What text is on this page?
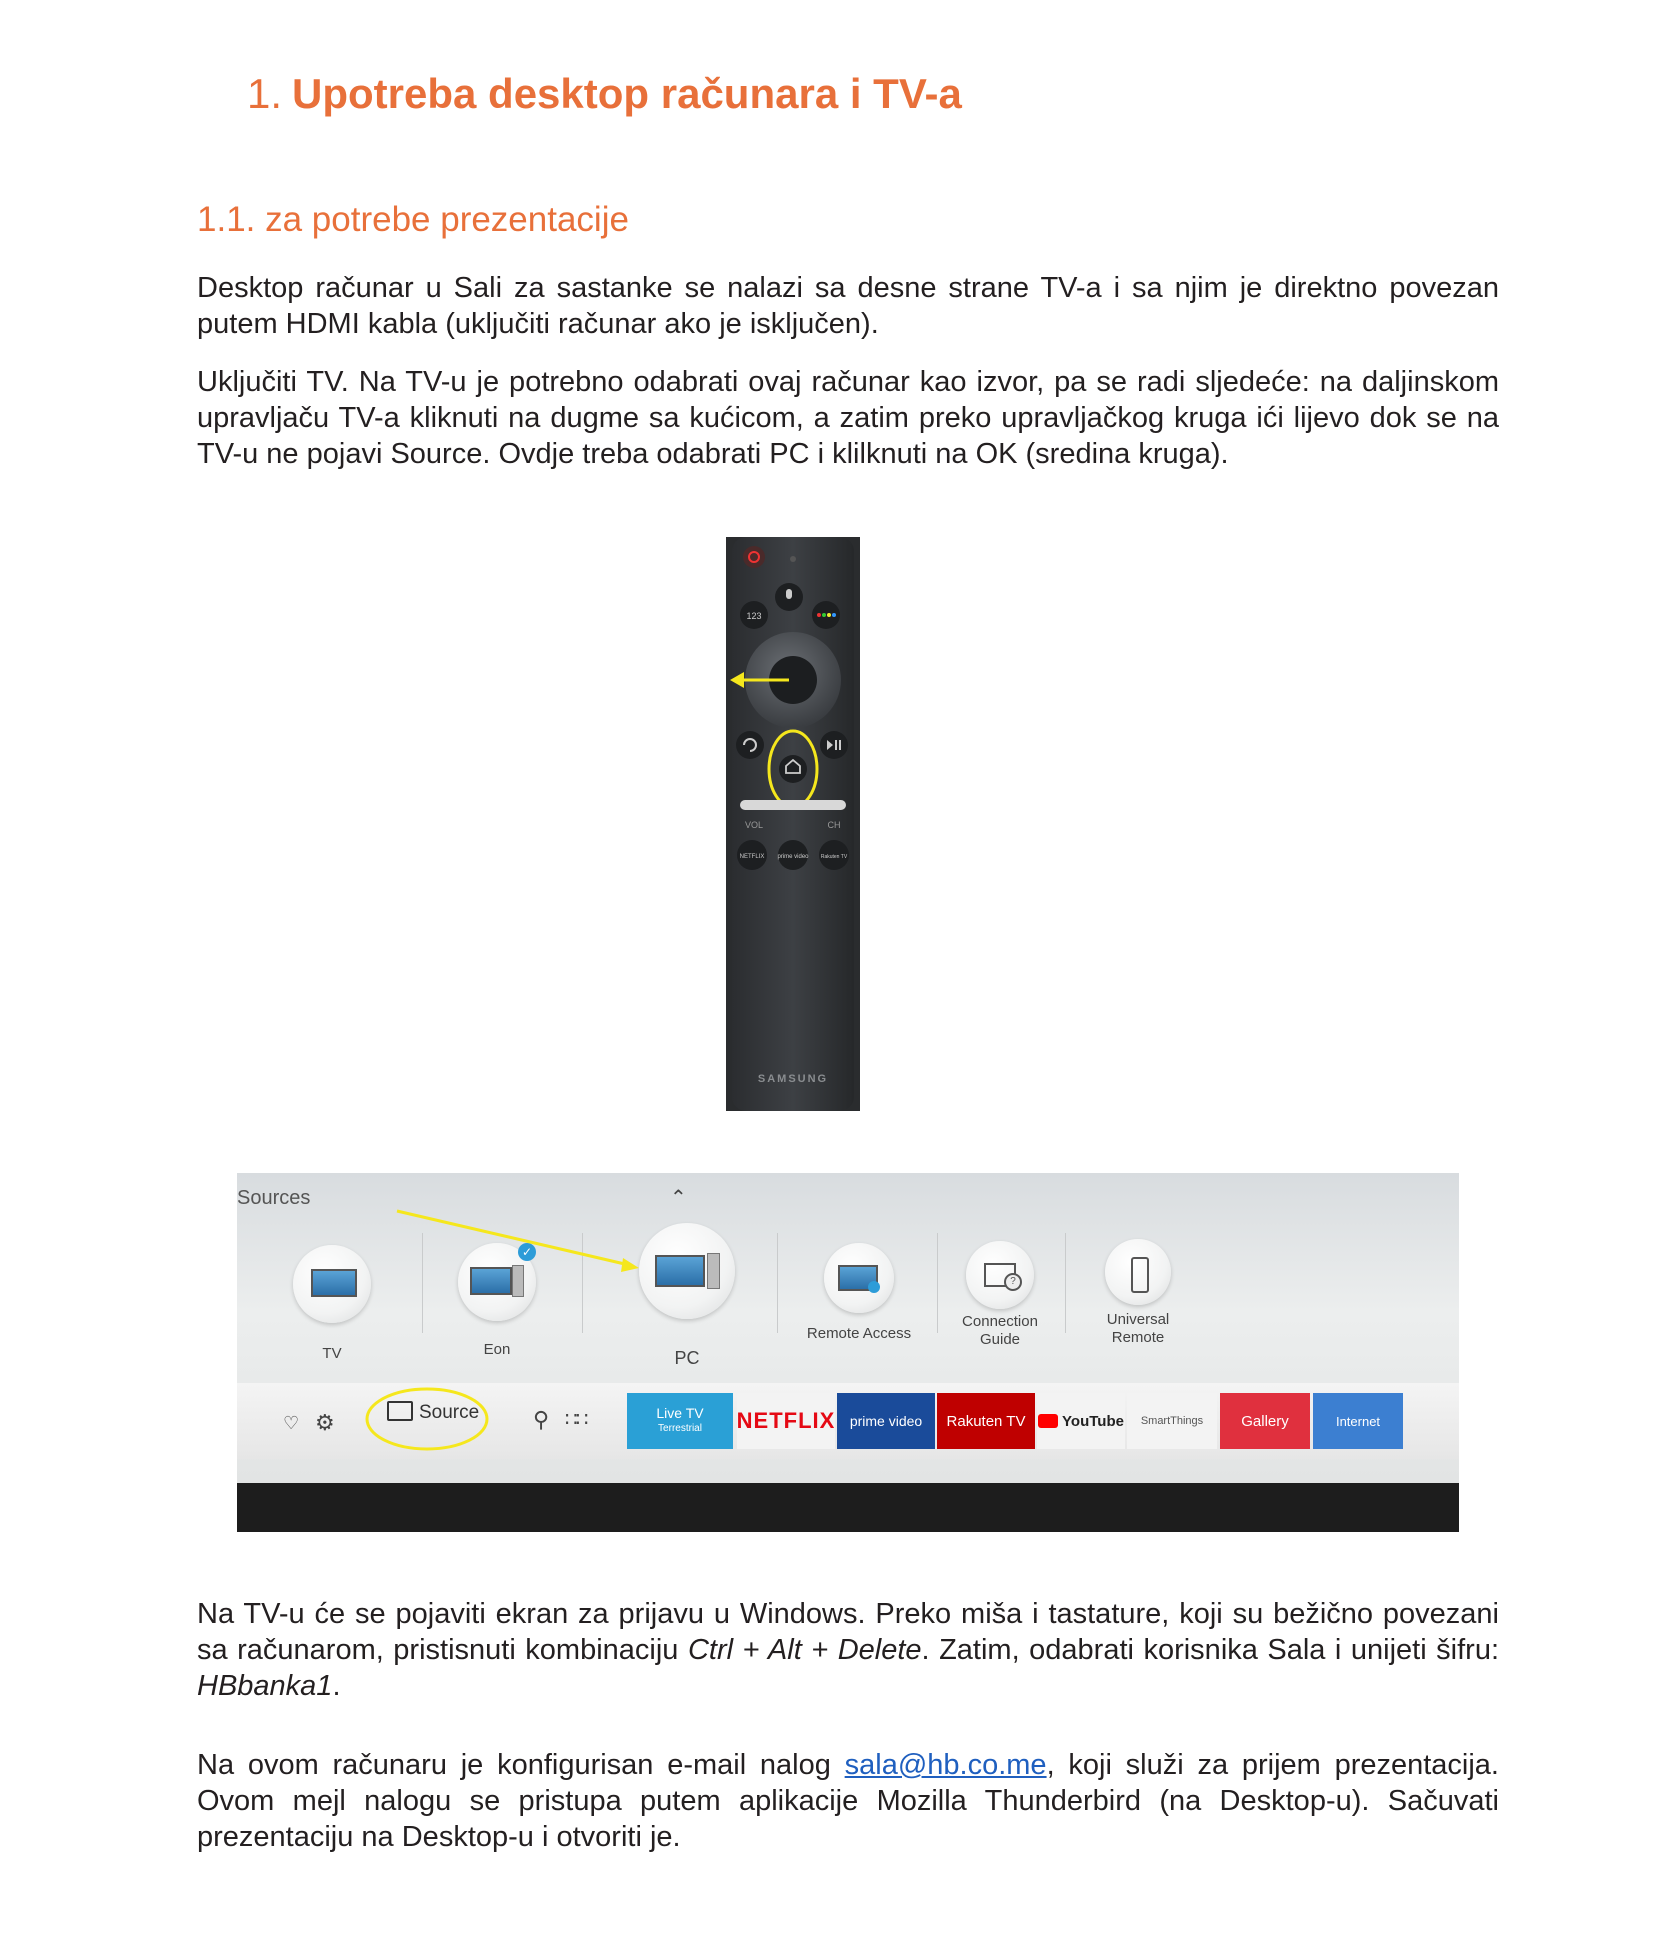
1. Upotreba desktop računara i TV-a
1.1. za potrebe prezentacije

Desktop računar u Sali za sastanke se nalazi sa desne strane TV-a i sa njim je direktno povezan putem HDMI kabla (uključiti računar ako je isključen).

Uključiti TV. Na TV-u je potrebno odabrati ovaj računar kao izvor, pa se radi sljedeće: na daljinskom upravljaču TV-a kliknuti na dugme sa kućicom, a zatim preko upravljačkog kruga ići lijevo dok se na TV-u ne pojavi Source. Ovdje treba odabrati PC i klilknuti na OK (sredina kruga).

123
VOL	CH
NETFLIX prime video Rakuten TV
SAMSUNG
Sources	⌃
TV
✓
Eon	PC
Remote Access
?
Connection Guide
Universal Remote
♡ ⚙	Source ⚲ ∷∷	Live TV
Terrestrial NETFLIX	prime video	Rakuten TV	YouTube	SmartThings	Gallery	Internet

Na TV-u će se pojaviti ekran za prijavu u Windows. Preko miša i tastature, koji su bežično povezani sa računarom, pristisnuti kombinaciju Ctrl + Alt + Delete. Zatim, odabrati korisnika Sala i unijeti šifru: HBbanka1.

Na ovom računaru je konfigurisan e-mail nalog sala@hb.co.me, koji služi za prijem prezentacija. Ovom mejl nalogu se pristupa putem aplikacije Mozilla Thunderbird (na Desktop-u). Sačuvati prezentaciju na Desktop-u i otvoriti je.
